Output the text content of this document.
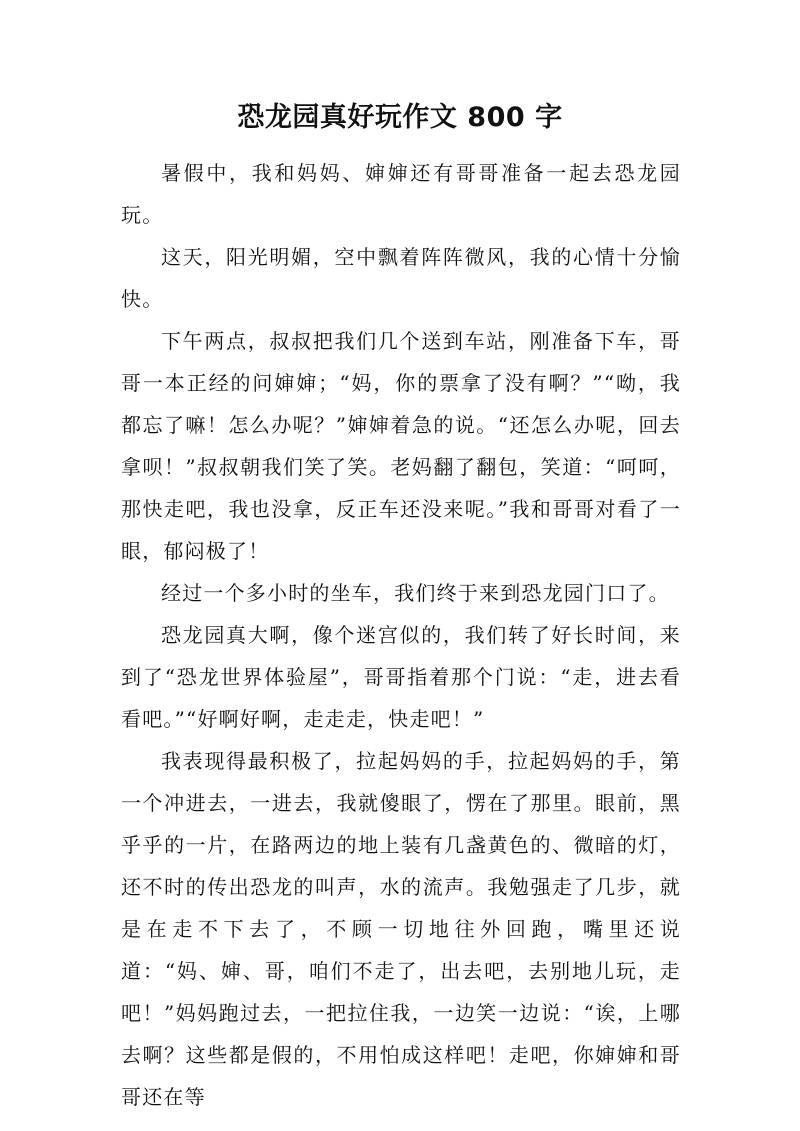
恐龙园真好玩作文 800 字

暑假中，我和妈妈、婶婶还有哥哥准备一起去恐龙园玩。

这天，阳光明媚，空中飘着阵阵微风，我的心情十分愉快。

下午两点，叔叔把我们几个送到车站，刚准备下车，哥哥一本正经的问婶婶；“妈，你的票拿了没有啊？”“呦，我都忘了嘛！怎么办呢？”婶婶着急的说。“还怎么办呢，回去拿呗！”叔叔朝我们笑了笑。老妈翻了翻包，笑道：“呵呵，那快走吧，我也没拿，反正车还没来呢。”我和哥哥对看了一眼，郁闷极了！

经过一个多小时的坐车，我们终于来到恐龙园门口了。

恐龙园真大啊，像个迷宫似的，我们转了好长时间，来到了“恐龙世界体验屋”，哥哥指着那个门说：“走，进去看看吧。”“好啊好啊，走走走，快走吧！”

我表现得最积极了，拉起妈妈的手，拉起妈妈的手，第一个冲进去，一进去，我就傻眼了，愣在了那里。眼前，黑乎乎的一片，在路两边的地上装有几盏黄色的、微暗的灯，还不时的传出恐龙的叫声，水的流声。我勉强走了几步，就是在走不下去了，不顾一切地往外回跑，嘴里还说道：“妈、婶、哥，咱们不走了，出去吧，去别地儿玩，走吧！”妈妈跑过去，一把拉住我，一边笑一边说：“诶，上哪去啊？这些都是假的，不用怕成这样吧！走吧，你婶婶和哥哥还在等
